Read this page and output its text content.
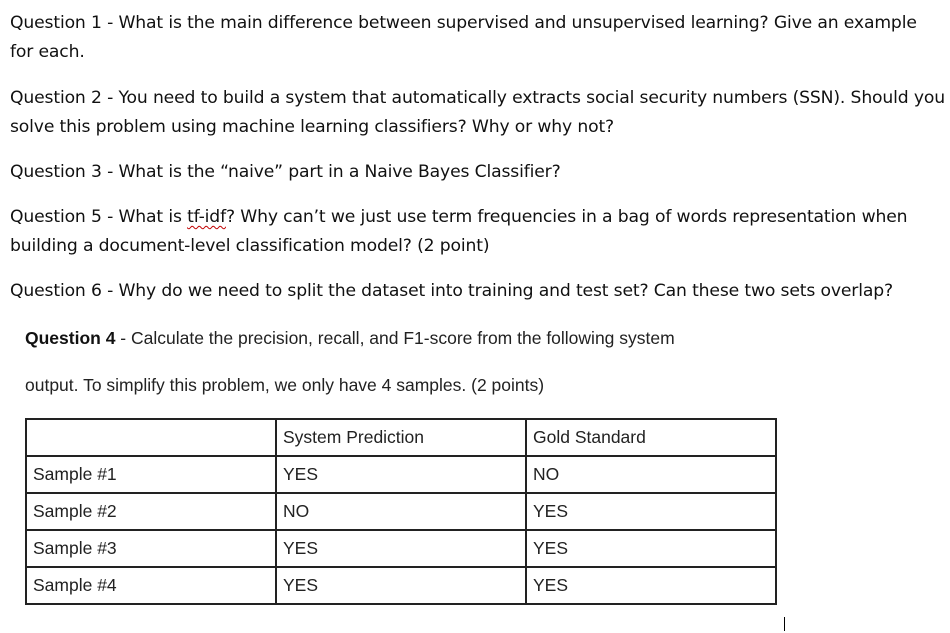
Question 1 - What is the main difference between supervised and unsupervised learning? Give an example for each.

Question 2 - You need to build a system that automatically extracts social security numbers (SSN). Should you solve this problem using machine learning classifiers? Why or why not?

Question 3 - What is the “naive” part in a Naive Bayes Classifier?

Question 5 - What is tf-idf? Why can’t we just use term frequencies in a bag of words representation when building a document-level classification model? (2 point)

Question 6 - Why do we need to split the dataset into training and test set? Can these two sets overlap?

Question 4 - Calculate the precision, recall, and F1-score from the following system

output. To simplify this problem, we only have 4 samples. (2 points)

	System Prediction	Gold Standard
Sample #1	YES	NO
Sample #2	NO	YES
Sample #3	YES	YES
Sample #4	YES	YES
